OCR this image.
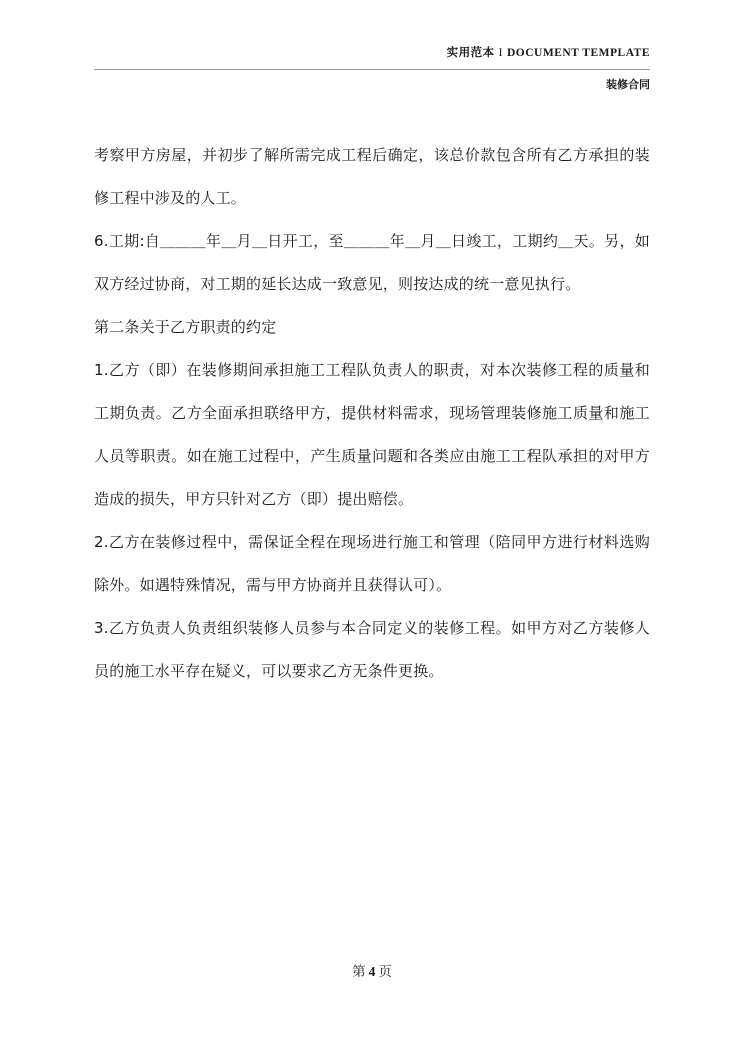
实用范本 I DOCUMENT TEMPLATE
装修合同

考察甲方房屋，并初步了解所需完成工程后确定，该总价款包含所有乙方承担的装修工程中涉及的人工。

6.工期:自＿＿＿年＿月＿日开工，至＿＿＿年＿月＿日竣工，工期约＿天。另，如双方经过协商，对工期的延长达成一致意见，则按达成的统一意见执行。

第二条关于乙方职责的约定

1.乙方（即）在装修期间承担施工工程队负责人的职责，对本次装修工程的质量和工期负责。乙方全面承担联络甲方，提供材料需求，现场管理装修施工质量和施工人员等职责。如在施工过程中，产生质量问题和各类应由施工工程队承担的对甲方造成的损失，甲方只针对乙方（即）提出赔偿。

2.乙方在装修过程中，需保证全程在现场进行施工和管理（陪同甲方进行材料选购除外。如遇特殊情况，需与甲方协商并且获得认可）。

3.乙方负责人负责组织装修人员参与本合同定义的装修工程。如甲方对乙方装修人员的施工水平存在疑义，可以要求乙方无条件更换。

第 4 页
